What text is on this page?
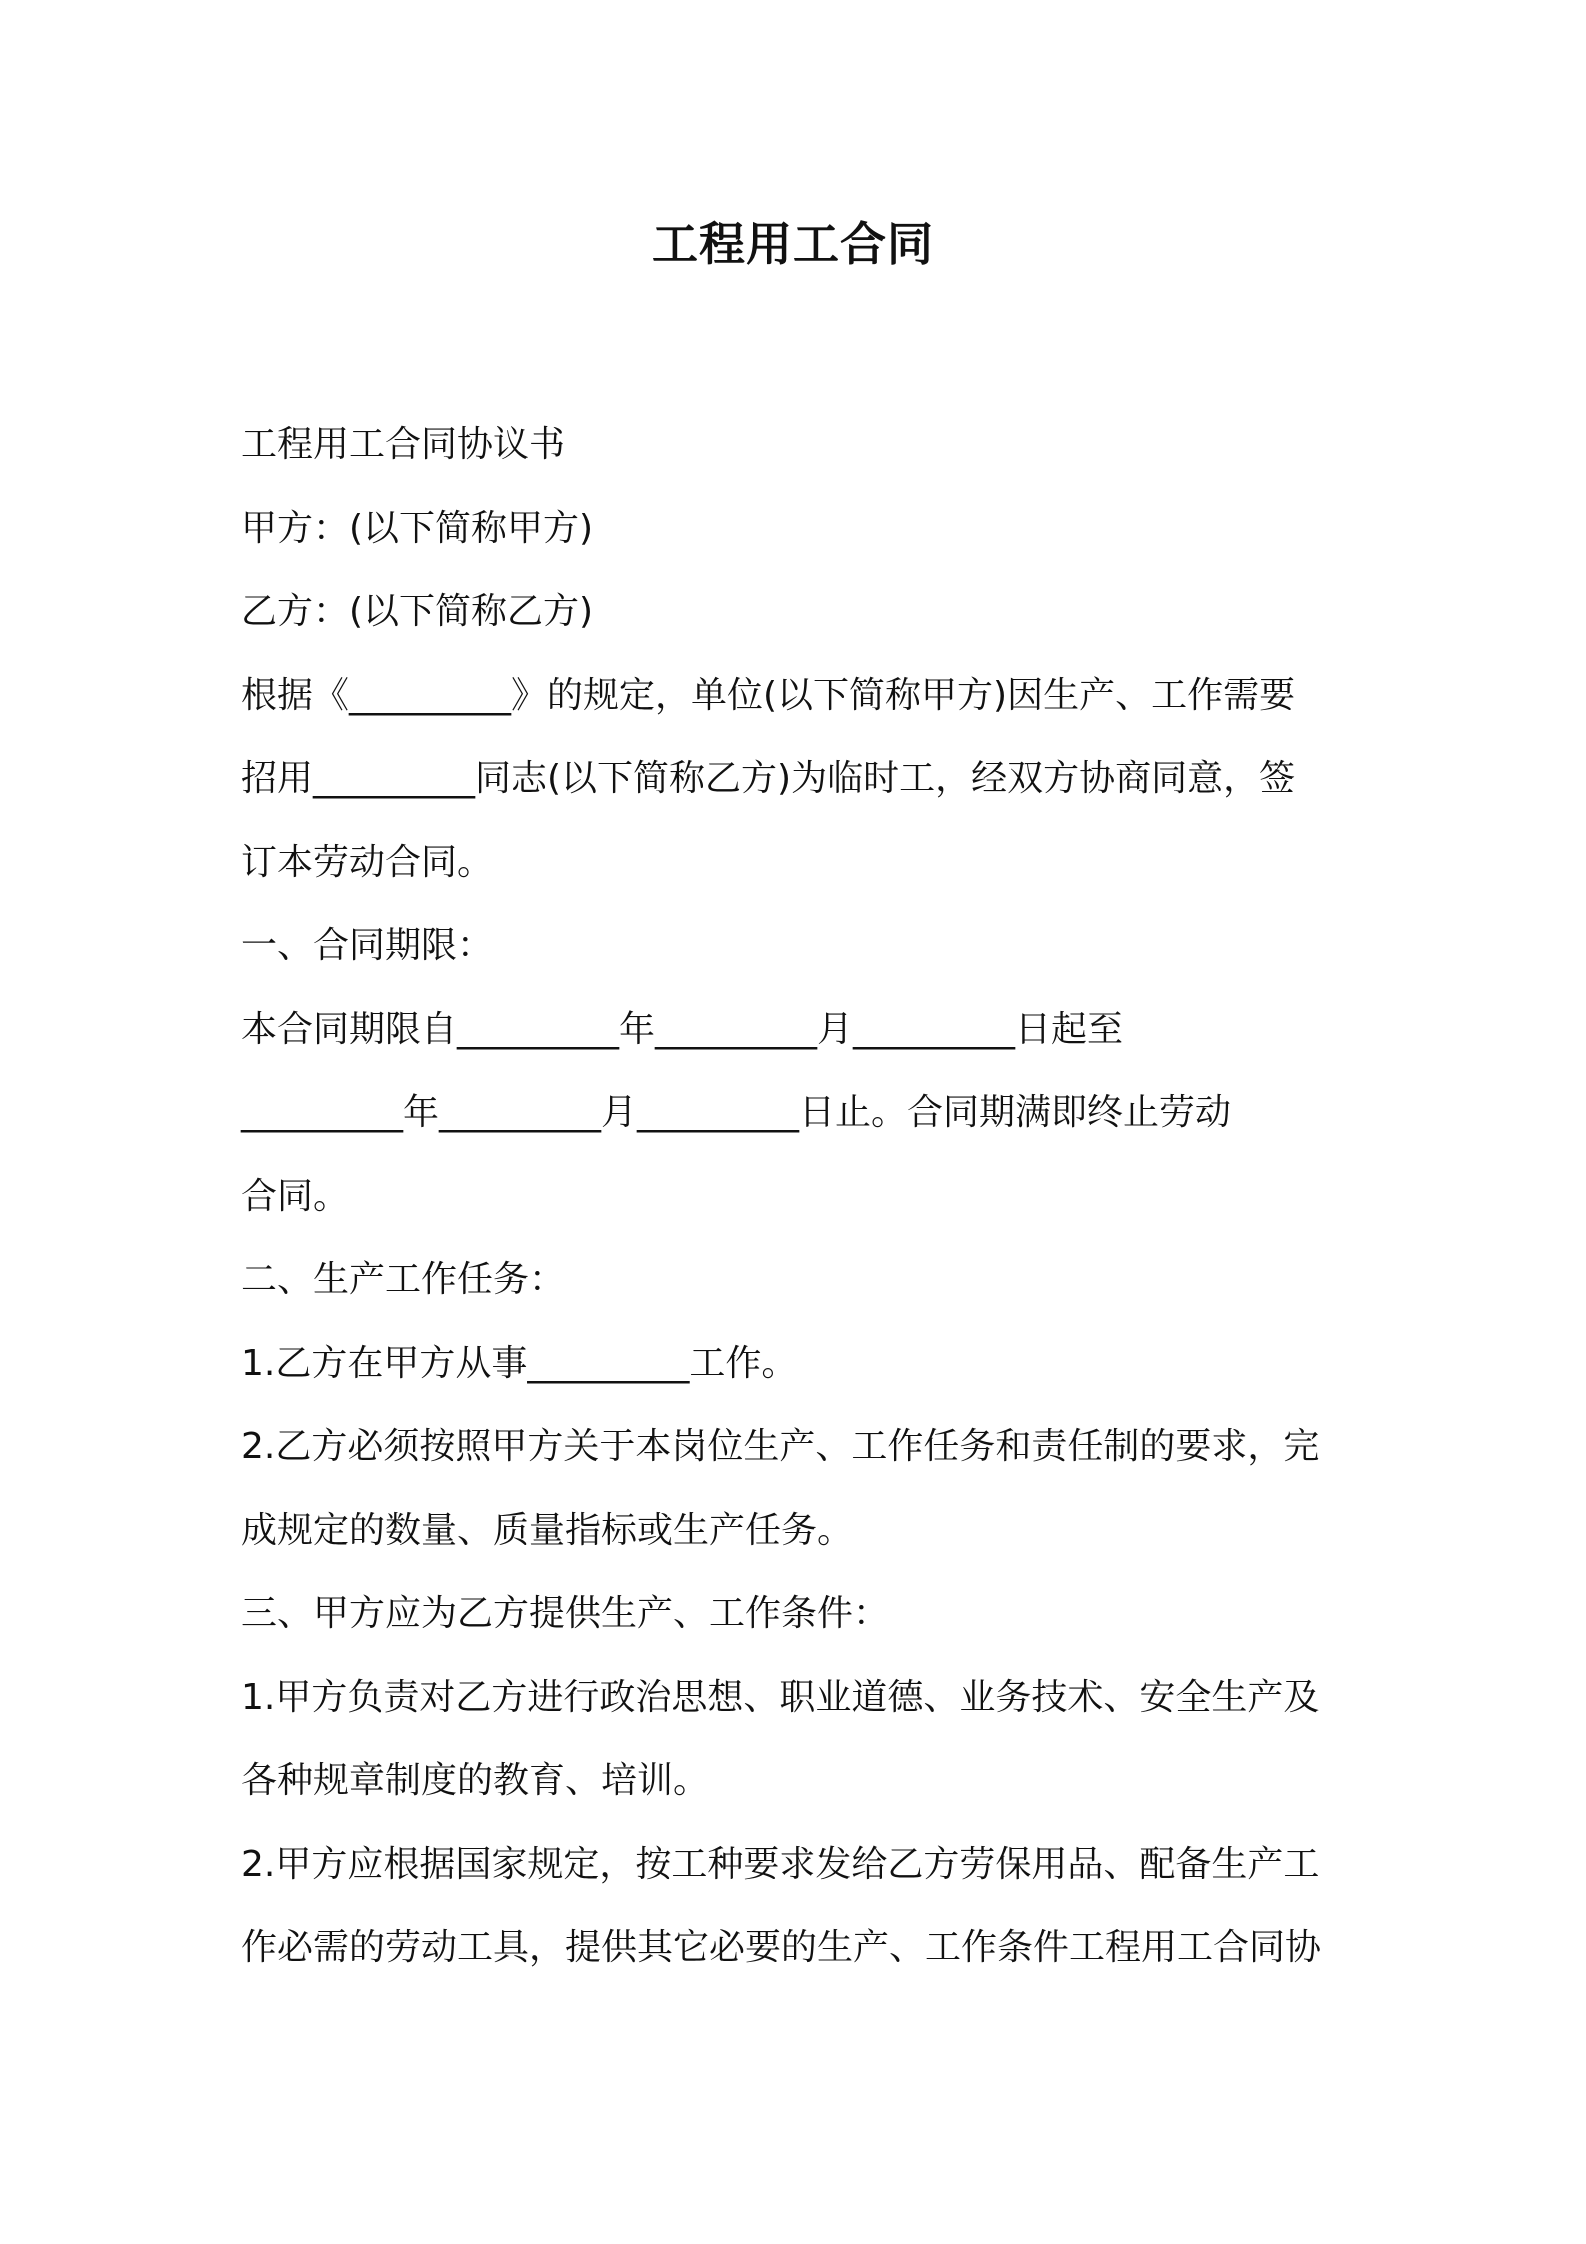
工程用工合同

工程用工合同协议书

甲方：(以下简称甲方)

乙方：(以下简称乙方)

根据《_________》的规定，单位(以下简称甲方)因生产、工作需要

招用_________同志(以下简称乙方)为临时工，经双方协商同意，签

订本劳动合同。

一、合同期限：

本合同期限自_________年_________月_________日起至

_________年_________月_________日止。合同期满即终止劳动

合同。

二、生产工作任务：

1.乙方在甲方从事_________工作。

2.乙方必须按照甲方关于本岗位生产、工作任务和责任制的要求，完

成规定的数量、质量指标或生产任务。

三、甲方应为乙方提供生产、工作条件：

1.甲方负责对乙方进行政治思想、职业道德、业务技术、安全生产及

各种规章制度的教育、培训。

2.甲方应根据国家规定，按工种要求发给乙方劳保用品、配备生产工

作必需的劳动工具，提供其它必要的生产、工作条件工程用工合同协
